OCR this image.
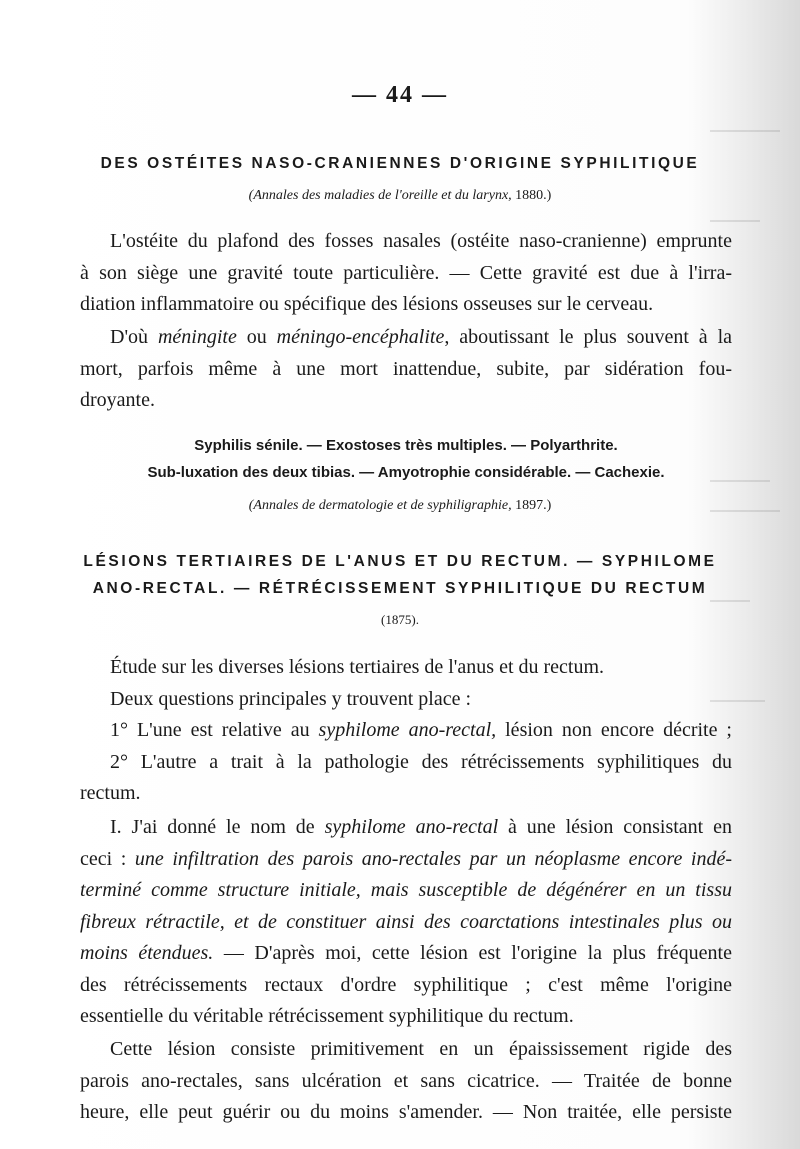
— 44 —
DES OSTÉITES NASO-CRANIENNES D'ORIGINE SYPHILITIQUE
(Annales des maladies de l'oreille et du larynx, 1880.)
L'ostéite du plafond des fosses nasales (ostéite naso-cranienne) emprunte
à son siège une gravité toute particulière. — Cette gravité est due à l'irra-
diation inflammatoire ou spécifique des lésions osseuses sur le cerveau.
D'où méningite ou méningo-encéphalite, aboutissant le plus souvent à la
mort, parfois même à une mort inattendue, subite, par sidération fou-
droyante.
Syphilis sénile. — Exostoses très multiples. — Polyarthrite.
Sub-luxation des deux tibias. — Amyotrophie considérable. — Cachexie.
(Annales de dermatologie et de syphiligraphie, 1897.)
LÉSIONS TERTIAIRES DE L'ANUS ET DU RECTUM. — SYPHILOME
ANO-RECTAL. — RÉTRÉCISSEMENT SYPHILITIQUE DU RECTUM
(1875).
Étude sur les diverses lésions tertiaires de l'anus et du rectum.
Deux questions principales y trouvent place :
1° L'une est relative au syphilome ano-rectal, lésion non encore décrite ;
2° L'autre a trait à la pathologie des rétrécissements syphilitiques du
rectum.
I. J'ai donné le nom de syphilome ano-rectal à une lésion consistant en
ceci : une infiltration des parois ano-rectales par un néoplasme encore indé-
terminé comme structure initiale, mais susceptible de dégénérer en un tissu
fibreux rétractile, et de constituer ainsi des coarctations intestinales plus ou
moins étendues. — D'après moi, cette lésion est l'origine la plus fréquente
des rétrécissements rectaux d'ordre syphilitique ; c'est même l'origine
essentielle du véritable rétrécissement syphilitique du rectum.
Cette lésion consiste primitivement en un épaississement rigide des
parois ano-rectales, sans ulcération et sans cicatrice. — Traitée de bonne
heure, elle peut guérir ou du moins s'amender. — Non traitée, elle persiste
